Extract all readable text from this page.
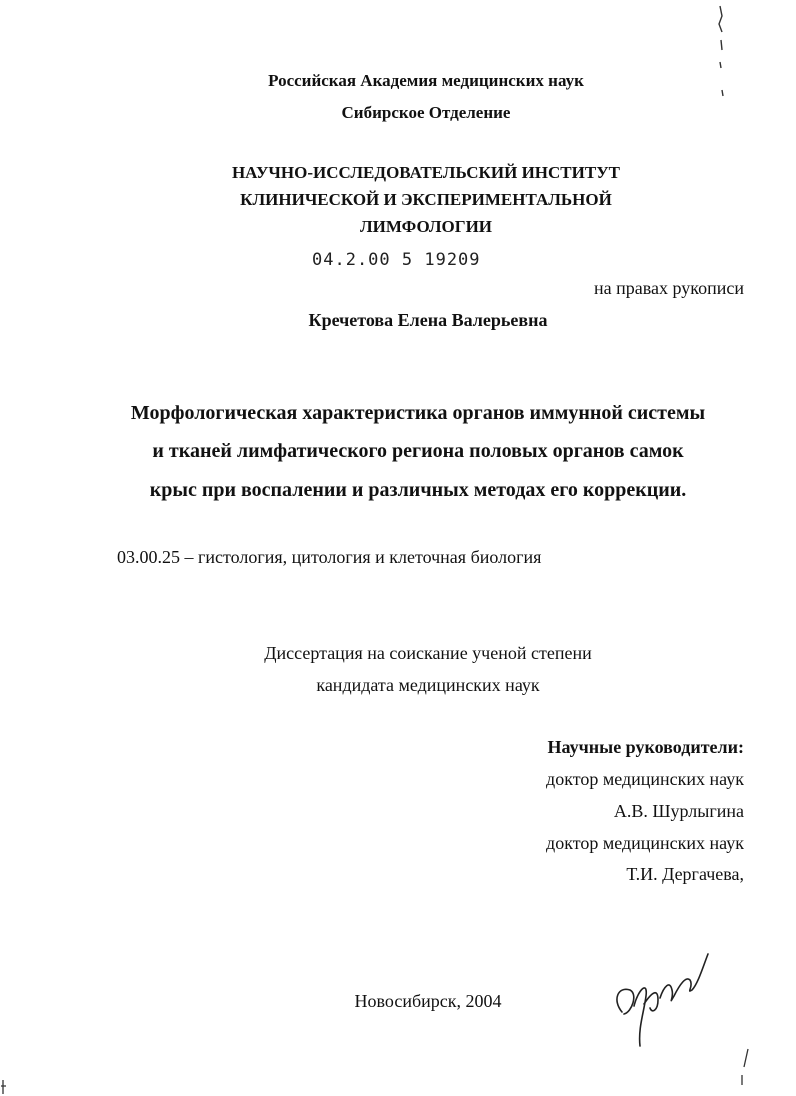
Российская Академия медицинских наук
Сибирское Отделение
НАУЧНО-ИССЛЕДОВАТЕЛЬСКИЙ ИНСТИТУТ
КЛИНИЧЕСКОЙ И ЭКСПЕРИМЕНТАЛЬНОЙ
ЛИМФОЛОГИИ
04.2.00 5 19209
на правах рукописи
Кречетова Елена Валерьевна
Морфологическая характеристика органов иммунной системы
и тканей лимфатического региона половых органов самок
крыс при воспалении и различных методах его коррекции.
03.00.25 – гистология, цитология и клеточная биология
Диссертация на соискание ученой степени
кандидата медицинских наук
Научные руководители:
доктор медицинских наук
А.В. Шурлыгина
доктор медицинских наук
Т.И. Дергачева,
Новосибирск, 2004
